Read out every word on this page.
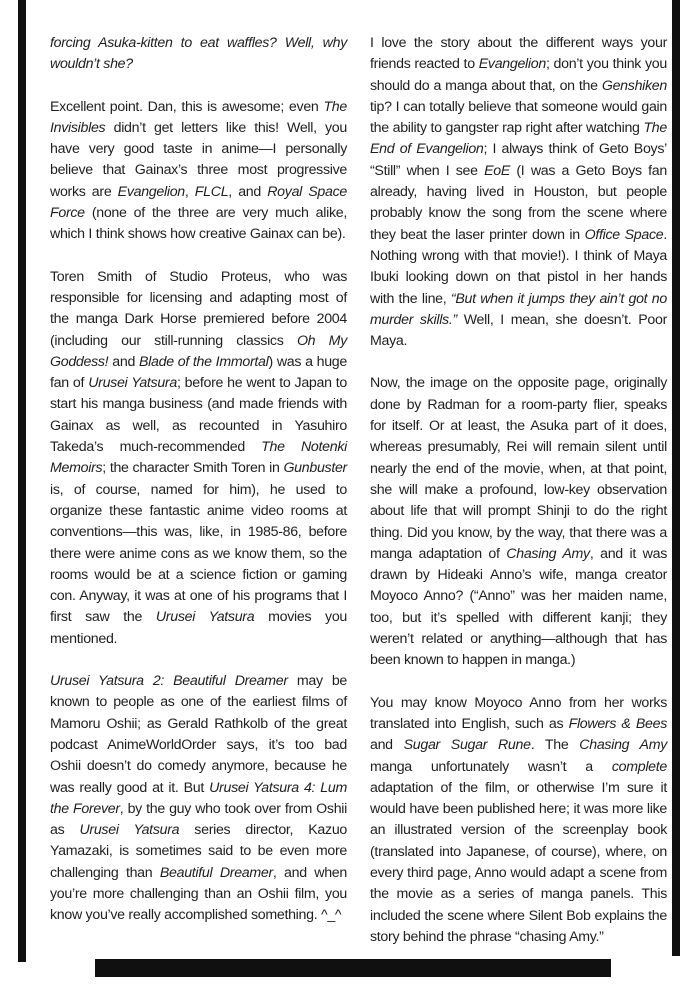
forcing Asuka-kitten to eat waffles? Well, why wouldn’t she?

Excellent point. Dan, this is awesome; even The Invisibles didn’t get letters like this! Well, you have very good taste in anime—I personally believe that Gainax’s three most progressive works are Evangelion, FLCL, and Royal Space Force (none of the three are very much alike, which I think shows how creative Gainax can be).

Toren Smith of Studio Proteus, who was responsible for licensing and adapting most of the manga Dark Horse premiered before 2004 (including our still-running classics Oh My Goddess! and Blade of the Immortal) was a huge fan of Urusei Yatsura; before he went to Japan to start his manga business (and made friends with Gainax as well, as recounted in Yasuhiro Takeda’s much-recommended The Notenki Memoirs; the character Smith Toren in Gunbuster is, of course, named for him), he used to organize these fantastic anime video rooms at conventions—this was, like, in 1985-86, before there were anime cons as we know them, so the rooms would be at a science fiction or gaming con. Anyway, it was at one of his programs that I first saw the Urusei Yatsura movies you mentioned.

Urusei Yatsura 2: Beautiful Dreamer may be known to people as one of the earliest films of Mamoru Oshii; as Gerald Rathkolb of the great podcast AnimeWorldOrder says, it’s too bad Oshii doesn’t do comedy anymore, because he was really good at it. But Urusei Yatsura 4: Lum the Forever, by the guy who took over from Oshii as Urusei Yatsura series director, Kazuo Yamazaki, is sometimes said to be even more challenging than Beautiful Dreamer, and when you’re more challenging than an Oshii film, you know you’ve really accomplished something. ^_^

I love the story about the different ways your friends reacted to Evangelion; don’t you think you should do a manga about that, on the Genshiken tip? I can totally believe that someone would gain the ability to gangster rap right after watching The End of Evangelion; I always think of Geto Boys’ “Still” when I see EoE (I was a Geto Boys fan already, having lived in Houston, but people probably know the song from the scene where they beat the laser printer down in Office Space. Nothing wrong with that movie!). I think of Maya Ibuki looking down on that pistol in her hands with the line, “But when it jumps they ain’t got no murder skills.” Well, I mean, she doesn’t. Poor Maya.

Now, the image on the opposite page, originally done by Radman for a room-party flier, speaks for itself. Or at least, the Asuka part of it does, whereas presumably, Rei will remain silent until nearly the end of the movie, when, at that point, she will make a profound, low-key observation about life that will prompt Shinji to do the right thing. Did you know, by the way, that there was a manga adaptation of Chasing Amy, and it was drawn by Hideaki Anno’s wife, manga creator Moyoco Anno? (“Anno” was her maiden name, too, but it’s spelled with different kanji; they weren’t related or anything—although that has been known to happen in manga.)

You may know Moyoco Anno from her works translated into English, such as Flowers & Bees and Sugar Sugar Rune. The Chasing Amy manga unfortunately wasn’t a complete adaptation of the film, or otherwise I’m sure it would have been published here; it was more like an illustrated version of the screenplay book (translated into Japanese, of course), where, on every third page, Anno would adapt a scene from the movie as a series of manga panels. This included the scene where Silent Bob explains the story behind the phrase “chasing Amy.”
